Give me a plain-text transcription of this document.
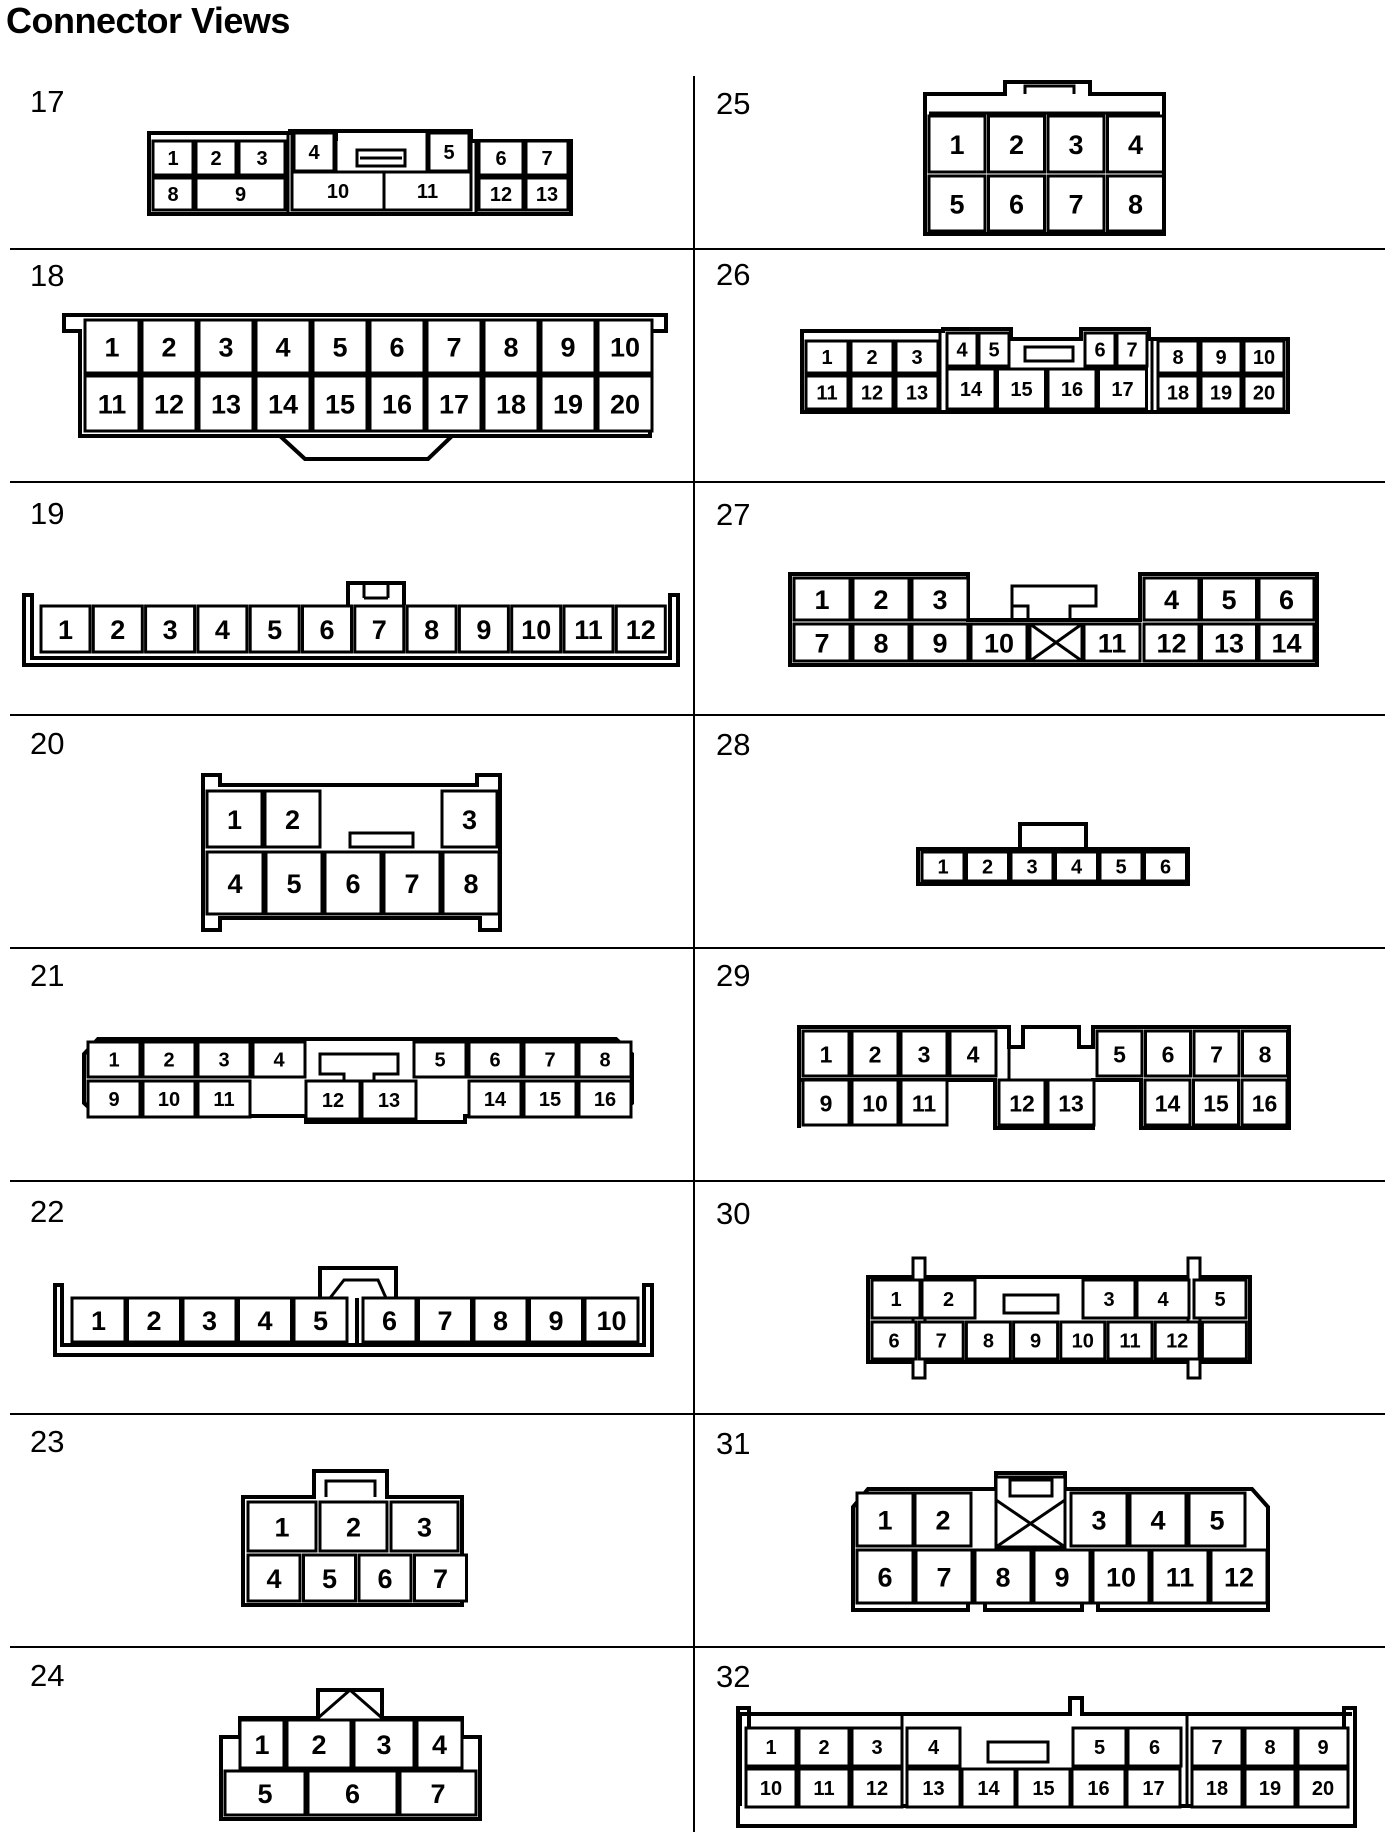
Connector Views
17
18
19
20
21
22
23
24
25
26
27
28
29
30
31
32
1 2 3 4	5 6 7
8	9	10	11	12 13
1 2 3 4 5 6 7 8 9 10
11 12 13 14 15 16 17 18 19 20
1 2 3 4 5 6 7 8 9 10 11 12
1 2	3
4 5 6 7 8
1 2 3 4	5 6 7 8
9 10 11	12 13	14 15 16
1 2 3 4 5 6 7 8 9 10
1 2 3
4 5 6 7
1 2 3 4
5	6	7
1 2 3 4
5 6 7 8
1 2 3 4 5	6 7 8 9 10
11 12 13 14 15 16 17 18 19 20
1 2 3	4 5 6
7 8 9 10	11 12 13 14
1 2 3 4 5 6
1 2 3 4	5 6 7 8
9 10 11	12 13	14 15 16
1 2	3 4 5
6 7 8 9 10 11 12
1 2	3 4 5
6 7 8 9 10 11 12
1 2 3 4	5 6	7 8 9
10 11 12 13 14 15 16 17 18 19 20
